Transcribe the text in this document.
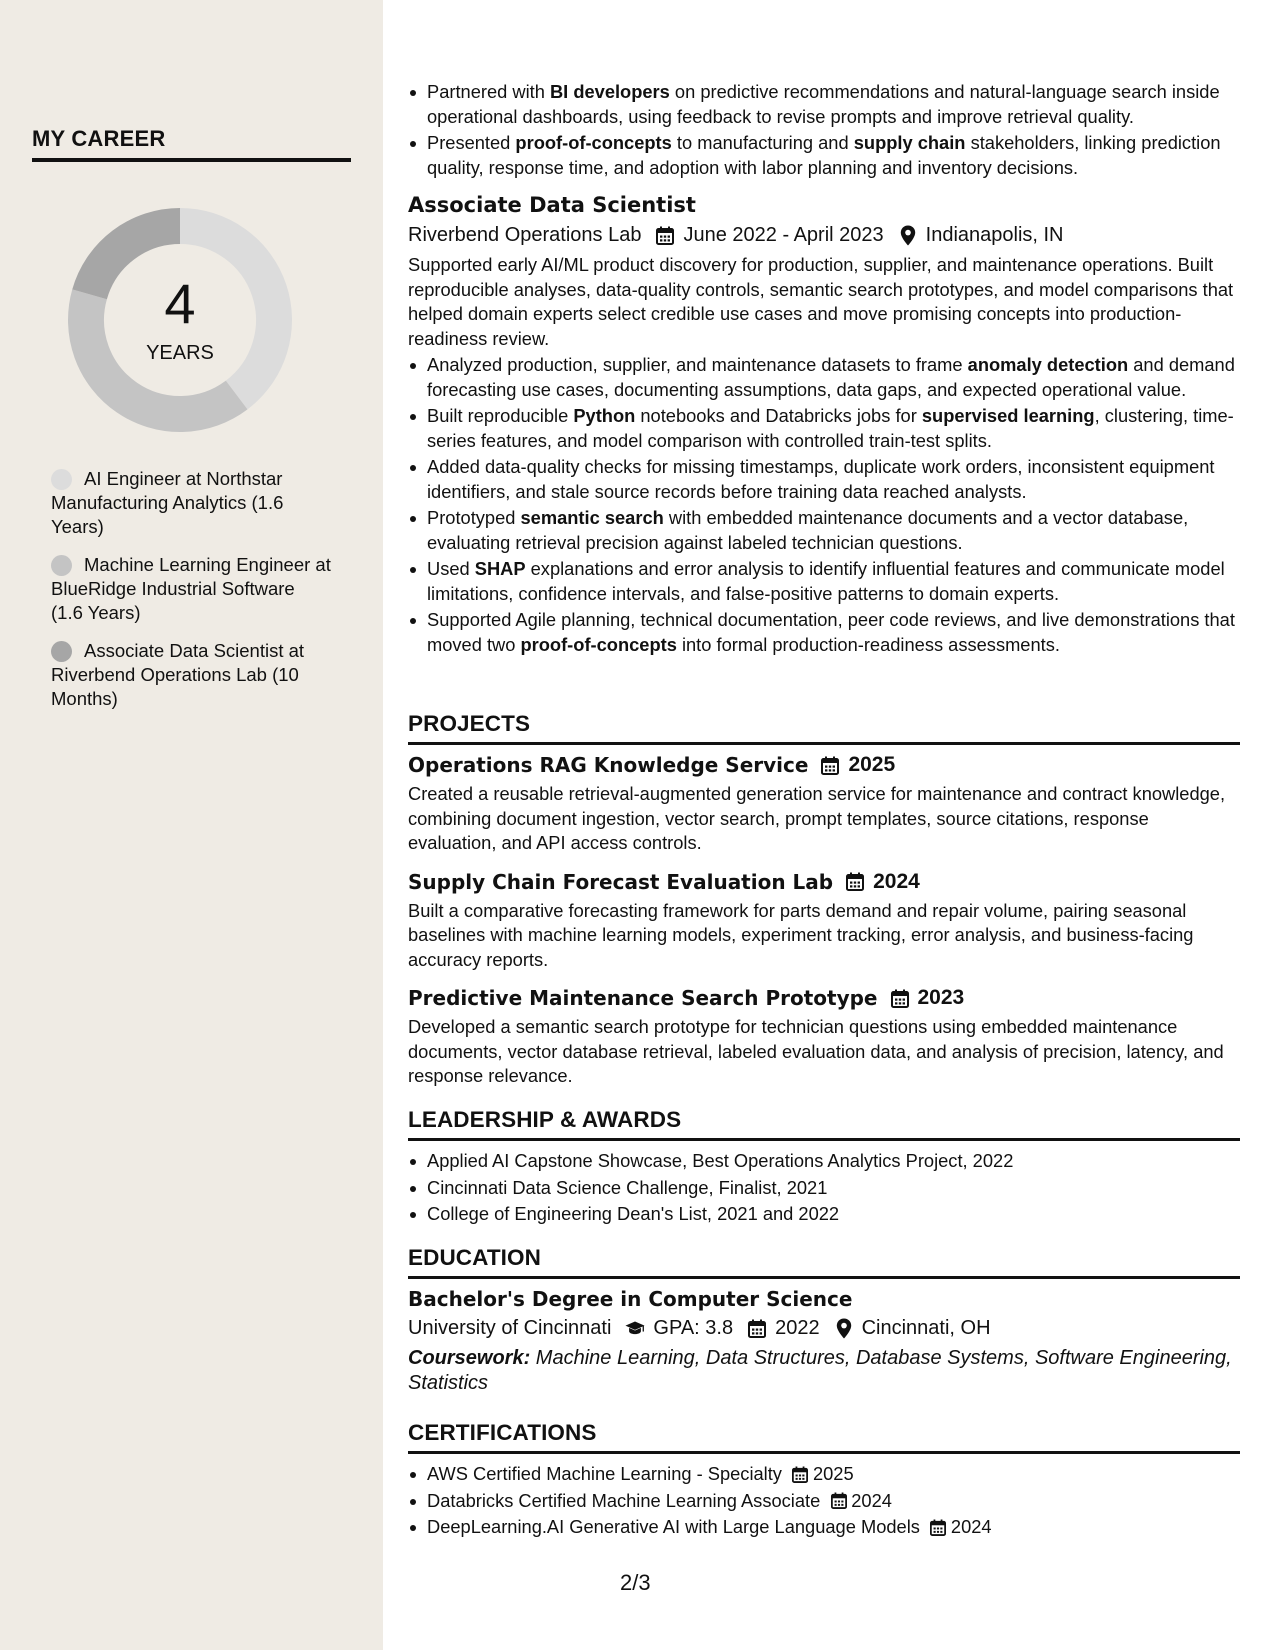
MY CAREER
4
YEARS
AI Engineer at Northstar Manufacturing Analytics (1.6 Years)
Machine Learning Engineer at BlueRidge Industrial Software (1.6 Years)
Associate Data Scientist at Riverbend Operations Lab (10 Months)
Partnered with BI developers on predictive recommendations and natural-language search inside operational dashboards, using feedback to revise prompts and improve retrieval quality.
Presented proof-of-concepts to manufacturing and supply chain stakeholders, linking prediction quality, response time, and adoption with labor planning and inventory decisions.
Associate Data Scientist
Riverbend Operations Lab June 2022 - April 2023 Indianapolis, IN
Supported early AI/ML product discovery for production, supplier, and maintenance operations. Built reproducible analyses, data-quality controls, semantic search prototypes, and model comparisons that helped domain experts select credible use cases and move promising concepts into production-readiness review.
Analyzed production, supplier, and maintenance datasets to frame anomaly detection and demand forecasting use cases, documenting assumptions, data gaps, and expected operational value.
Built reproducible Python notebooks and Databricks jobs for supervised learning, clustering, time-series features, and model comparison with controlled train-test splits.
Added data-quality checks for missing timestamps, duplicate work orders, inconsistent equipment identifiers, and stale source records before training data reached analysts.
Prototyped semantic search with embedded maintenance documents and a vector database, evaluating retrieval precision against labeled technician questions.
Used SHAP explanations and error analysis to identify influential features and communicate model limitations, confidence intervals, and false-positive patterns to domain experts.
Supported Agile planning, technical documentation, peer code reviews, and live demonstrations that moved two proof-of-concepts into formal production-readiness assessments.
PROJECTS
Operations RAG Knowledge Service 2025
Created a reusable retrieval-augmented generation service for maintenance and contract knowledge, combining document ingestion, vector search, prompt templates, source citations, response evaluation, and API access controls.
Supply Chain Forecast Evaluation Lab 2024
Built a comparative forecasting framework for parts demand and repair volume, pairing seasonal baselines with machine learning models, experiment tracking, error analysis, and business-facing accuracy reports.
Predictive Maintenance Search Prototype 2023
Developed a semantic search prototype for technician questions using embedded maintenance documents, vector database retrieval, labeled evaluation data, and analysis of precision, latency, and response relevance.
LEADERSHIP & AWARDS
Applied AI Capstone Showcase, Best Operations Analytics Project, 2022
Cincinnati Data Science Challenge, Finalist, 2021
College of Engineering Dean's List, 2021 and 2022
EDUCATION
Bachelor's Degree in Computer Science
University of Cincinnati GPA: 3.8 2022 Cincinnati, OH
Coursework: Machine Learning, Data Structures, Database Systems, Software Engineering, Statistics
CERTIFICATIONS
AWS Certified Machine Learning - Specialty 2025
Databricks Certified Machine Learning Associate 2024
DeepLearning.AI Generative AI with Large Language Models 2024
2/3
